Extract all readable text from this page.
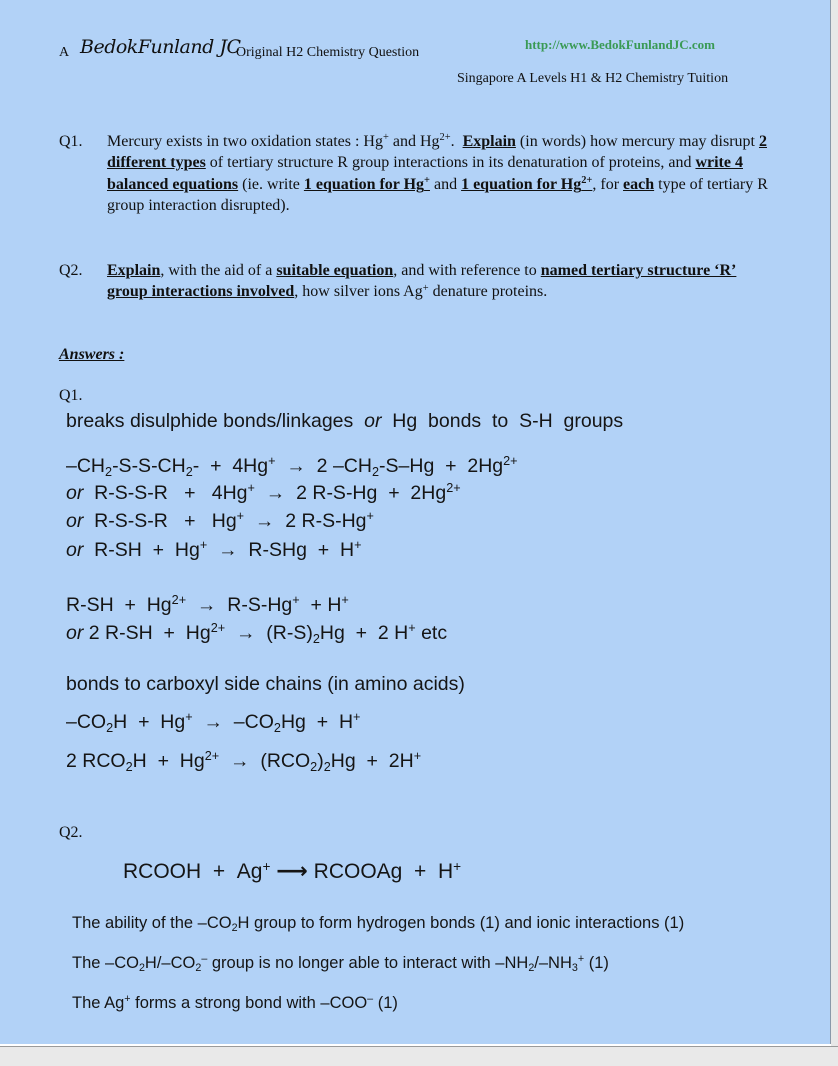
A BedokFunland JC
Original H2 Chemistry Question
http://www.BedokFunlandJC.com
Singapore A Levels H1 & H2 Chemistry Tuition
Q1. Mercury exists in two oxidation states : Hg+ and $Hg^{2+}$.  Explain (in words) how mercury may disrupt 2 different types of tertiary structure R group interactions in its denaturation of proteins, and write 4 balanced equations (ie. write 1 equation for Hg+ and 1 equation for $Hg^{2+}$, for each type of tertiary R group interaction disrupted).
Q2. Explain, with the aid of a suitable equation, and with reference to named tertiary structure ‘R’ group interactions involved, how silver ions Ag+ denature proteins.
Answers :
Q1.
breaks disulphide bonds/linkages  or  Hg  bonds  to  S-H  groups
$-CH_2-S-S-CH_2- + 4Hg^+ \to 2$ $-CH_2-S-Hg + 2Hg^{2+}$
or  R-S-S-R   +   4Hg+  →  2 $R-S-Hg + 2Hg^{2+}$
or  R-S-S-R   +   Hg+  →  2 R-S-Hg+
or  R-SH  +  Hg+  →  R-SHg  +  H+
$R-SH + Hg^{2+} \to R-S-Hg^+ + H^+$
or 2 $R-SH + Hg^{2+} \to (R-S)_2Hg + 2$ H+ etc
bonds to carboxyl side chains (in amino acids)
$-CO_2H + Hg^+ \to -CO_2Hg + H^+$
2 $RCO_2H + Hg^{2+} \to (RCO_2)_2Hg + 2H^+$
Q2.
RCOOH  +  Ag+ ⟶ RCOOAg  +  H+
The ability of the $-CO_2H$ group to form hydrogen bonds (1) and ionic interactions (1)
The $-CO_2H/-CO_2^-$ group is no longer able to interact with $-NH_2/-NH_3^+$ (1)
The Ag+ forms a strong bond with –COO– (1)
